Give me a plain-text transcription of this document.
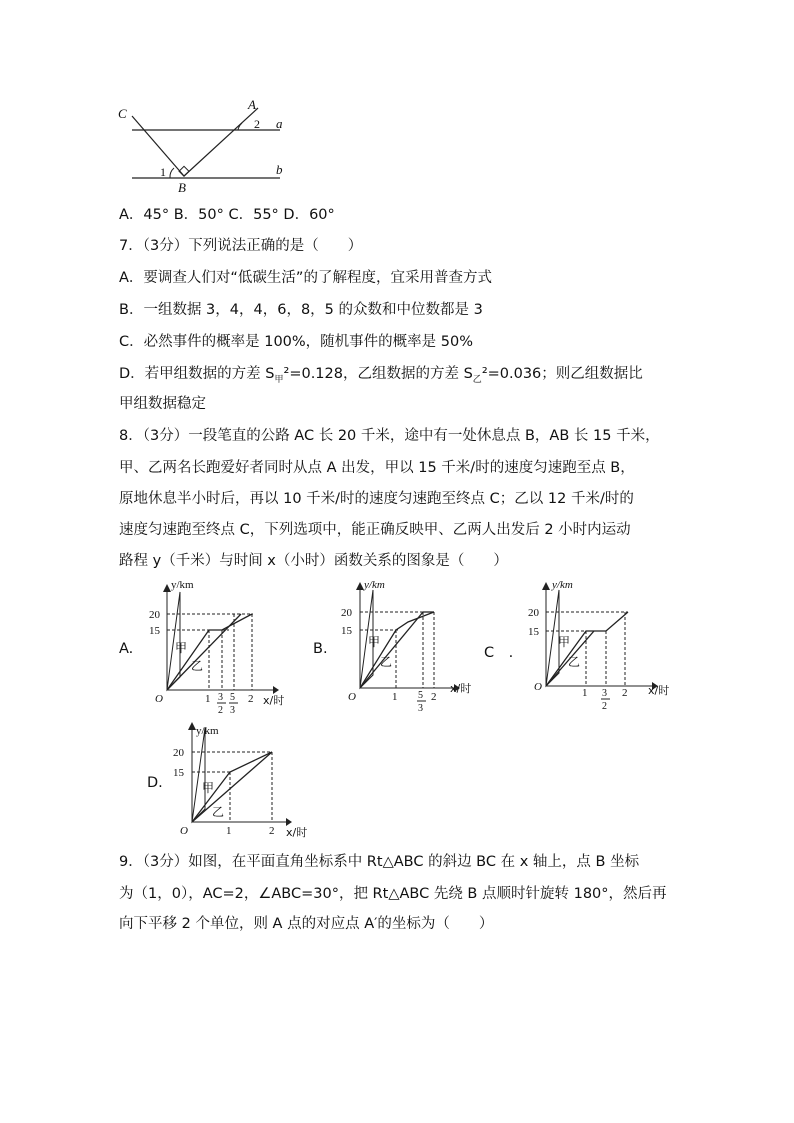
C
A
B
a
b
1
2
A．45° B．50° C．55° D．60°
7．（3分）下列说法正确的是（　　）
A．要调查人们对“低碳生活”的了解程度，宜采用普查方式
B．一组数据 3，4，4，6，8，5 的众数和中位数都是 3
C．必然事件的概率是 100%，随机事件的概率是 50%
D．若甲组数据的方差 $S_甲^2=0.128$，乙组数据的方差 $S_乙^2=0.036$；则乙组数据比
甲组数据稳定
8．（3分）一段笔直的公路 AC 长 20 千米，途中有一处休息点 B，AB 长 15 千米，
甲、乙两名长跑爱好者同时从点 A 出发，甲以 15 千米/时的速度匀速跑至点 B，
原地休息半小时后，再以 10 千米/时的速度匀速跑至终点 C；乙以 12 千米/时的
速度匀速跑至终点 C，下列选项中，能正确反映甲、乙两人出发后 2 小时内运动
路程 y（千米）与时间 x（小时）函数关系的图象是（　　）
A.
y/km
20
15
O
甲
乙
1 3
2
5
3
2 x/时
B.
y/km
20
15
O	1 5
3
2
x/时
甲
乙
C　.
y/km
20
15
O
甲
乙
1 3
2
2 x/时
D.
y/km
20
15
O
甲
乙
1	2 x/时
9．（3分）如图，在平面直角坐标系中 Rt△ABC 的斜边 BC 在 x 轴上，点 B 坐标
为（1，0），AC=2，∠ABC=30°，把 Rt△ABC 先绕 B 点顺时针旋转 180°，然后再
向下平移 2 个单位，则 A 点的对应点 A′的坐标为（　　）
